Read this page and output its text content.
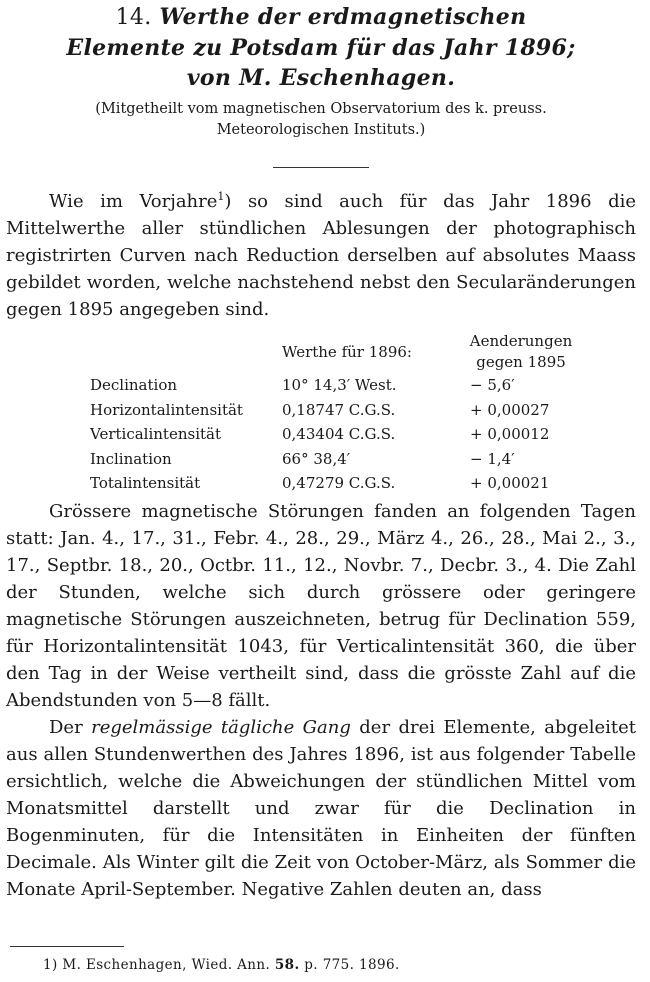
14. Werthe der erdmagnetischen
Elemente zu Potsdam für das Jahr 1896;
von M. Eschenhagen.
(Mitgetheilt vom magnetischen Observatorium des k. preuss.
Meteorologischen Instituts.)

Wie im Vorjahre$^1$) so sind auch für das Jahr 1896 die Mittelwerthe aller stündlichen Ablesungen der photographisch registrirten Curven nach Reduction derselben auf absolutes Maass gebildet worden, welche nachstehend nebst den Secularänderungen gegen 1895 angegeben sind.

	Werthe für 1896:	Aenderungen
gegen 1895
Declination	10° 14,3′ West.	− 5,6′
Horizontalintensität	0,18747 C.G.S.	+ 0,00027
Verticalintensität	0,43404 C.G.S.	+ 0,00012
Inclination	66° 38,4′	− 1,4′
Totalintensität	0,47279 C.G.S.	+ 0,00021

Grössere magnetische Störungen fanden an folgenden Tagen statt: Jan. 4., 17., 31., Febr. 4., 28., 29., März 4., 26., 28., Mai 2., 3., 17., Septbr. 18., 20., Octbr. 11., 12., Novbr. 7., Decbr. 3., 4. Die Zahl der Stunden, welche sich durch grössere oder geringere magnetische Störungen auszeichneten, betrug für Declination 559, für Horizontalintensität 1043, für Verticalintensität 360, die über den Tag in der Weise vertheilt sind, dass die grösste Zahl auf die Abendstunden von 5—8 fällt.

Der regelmässige tägliche Gang der drei Elemente, abgeleitet aus allen Stundenwerthen des Jahres 1896, ist aus folgender Tabelle ersichtlich, welche die Abweichungen der stündlichen Mittel vom Monatsmittel darstellt und zwar für die Declination in Bogenminuten, für die Intensitäten in Einheiten der fünften Decimale. Als Winter gilt die Zeit von October-März, als Sommer die Monate April-September. Negative Zahlen deuten an, dass

1) M. Eschenhagen, Wied. Ann. 58. p. 775. 1896.
